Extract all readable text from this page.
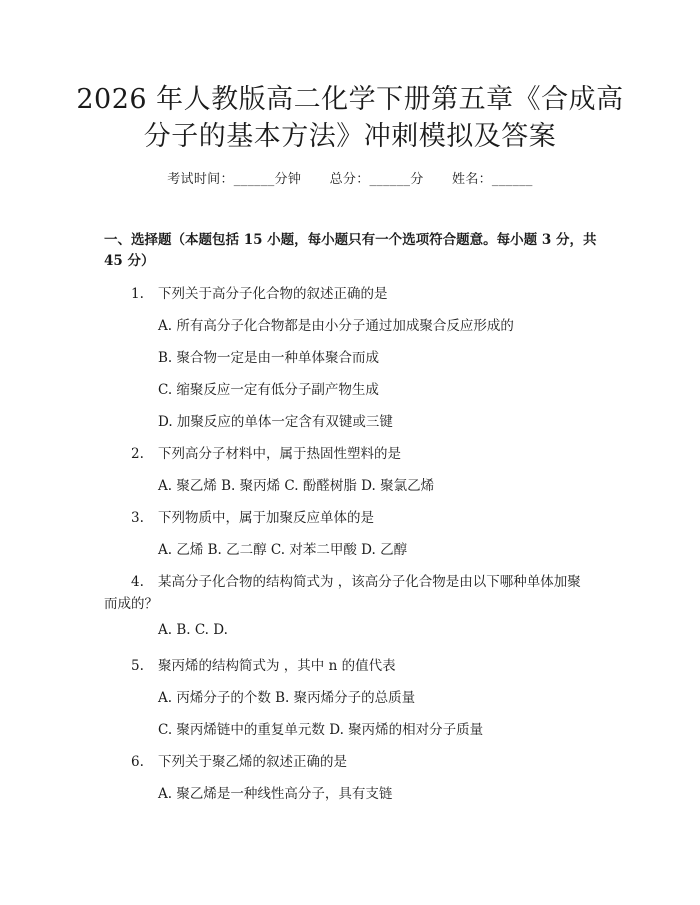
2026 年人教版高二化学下册第五章《合成高
分子的基本方法》冲刺模拟及答案
考试时间：______分钟 总分：______分 姓名：______
一、选择题（本题包括 15 小题，每小题只有一个选项符合题意。每小题 3 分，共 45 分）
1. 下列关于高分子化合物的叙述正确的是
A. 所有高分子化合物都是由小分子通过加成聚合反应形成的
B. 聚合物一定是由一种单体聚合而成
C. 缩聚反应一定有低分子副产物生成
D. 加聚反应的单体一定含有双键或三键
2. 下列高分子材料中，属于热固性塑料的是
A. 聚乙烯 B. 聚丙烯 C. 酚醛树脂 D. 聚氯乙烯
3. 下列物质中，属于加聚反应单体的是
A. 乙烯 B. 乙二醇 C. 对苯二甲酸 D. 乙醇
4. 某高分子化合物的结构简式为 ，该高分子化合物是由以下哪种单体加聚
而成的？
A. B. C. D.
5. 聚丙烯的结构简式为 ，其中 n 的值代表
A. 丙烯分子的个数 B. 聚丙烯分子的总质量
C. 聚丙烯链中的重复单元数 D. 聚丙烯的相对分子质量
6. 下列关于聚乙烯的叙述正确的是
A. 聚乙烯是一种线性高分子，具有支链
